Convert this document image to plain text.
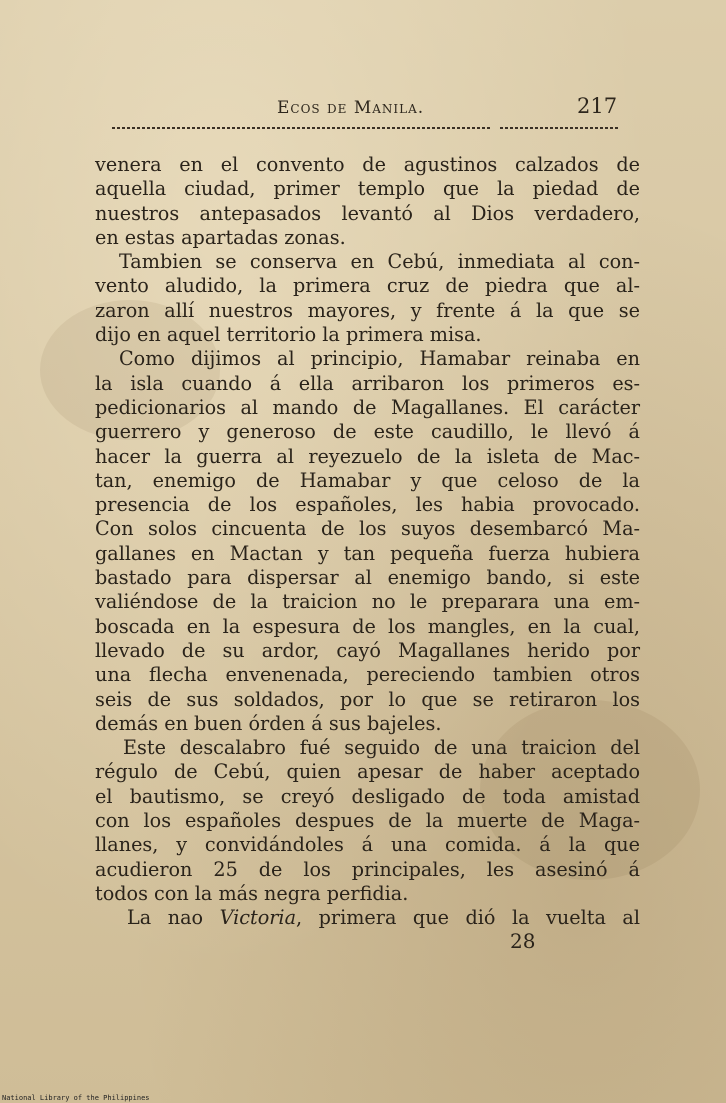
Ecos de Manila.	217
venera en el convento de agustinos calzados de
aquella ciudad, primer templo que la piedad de
nuestros antepasados levantó al Dios verdadero,
en estas apartadas zonas.
Tambien se conserva en Cebú, inmediata al con-
vento aludido, la primera cruz de piedra que al-
zaron allí nuestros mayores, y frente á la que se
dijo en aquel territorio la primera misa.
Como dijimos al principio, Hamabar reinaba en
la isla cuando á ella arribaron los primeros es-
pedicionarios al mando de Magallanes. El carácter
guerrero y generoso de este caudillo, le llevó á
hacer la guerra al reyezuelo de la isleta de Mac-
tan, enemigo de Hamabar y que celoso de la
presencia de los españoles, les habia provocado.
Con solos cincuenta de los suyos desembarcó Ma-
gallanes en Mactan y tan pequeña fuerza hubiera
bastado para dispersar al enemigo bando, si este
valiéndose de la traicion no le preparara una em-
boscada en la espesura de los mangles, en la cual,
llevado de su ardor, cayó Magallanes herido por
una flecha envenenada, pereciendo tambien otros
seis de sus soldados, por lo que se retiraron los
demás en buen órden á sus bajeles.
Este descalabro fué seguido de una traicion del
régulo de Cebú, quien apesar de haber aceptado
el bautismo, se creyó desligado de toda amistad
con los españoles despues de la muerte de Maga-
llanes, y convidándoles á una comida. á la que
acudieron 25 de los principales, les asesinó á
todos con la más negra perfidia.
La nao Victoria, primera que dió la vuelta al
28
National Library of the Philippines
